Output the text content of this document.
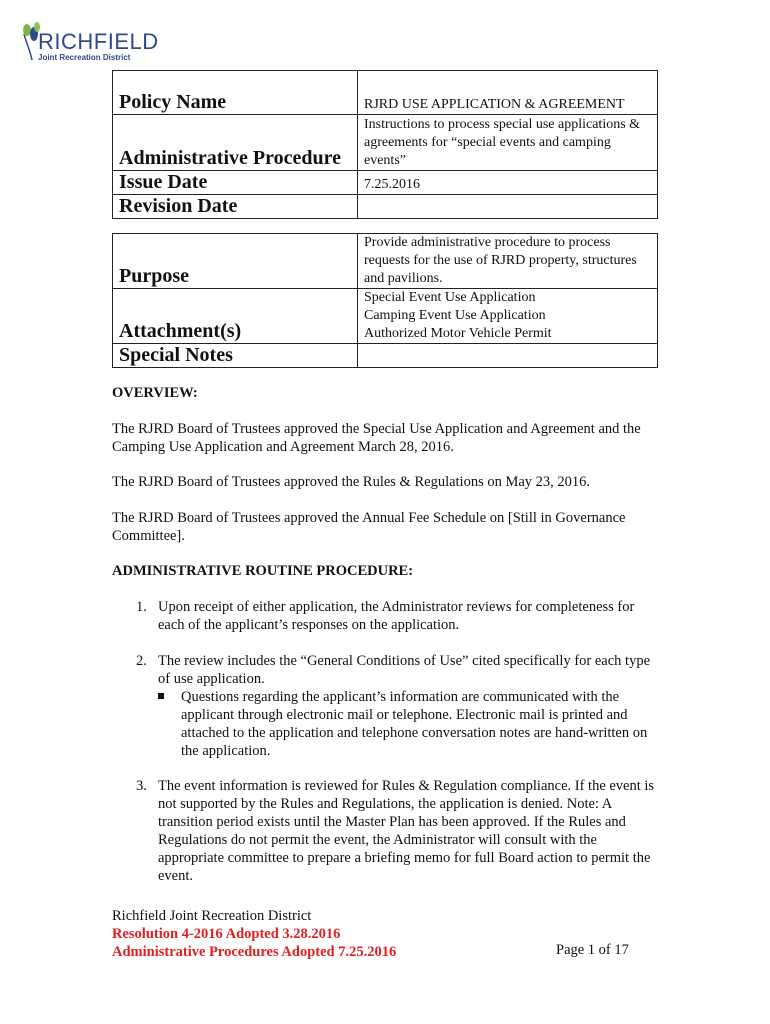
RICHFIELD
Joint Recreation District
Policy Name	RJRD USE APPLICATION & AGREEMENT
Administrative Procedure	Instructions to process special use applications & agreements for “special events and camping events”
Issue Date	7.25.2016
Revision Date	
Purpose	Provide administrative procedure to process requests for the use of RJRD property, structures and pavilions.
Attachment(s)	Special Event Use Application
Camping Event Use Application
Authorized Motor Vehicle Permit

Special Notes	
OVERVIEW:
The RJRD Board of Trustees approved the Special Use Application and Agreement and the Camping Use Application and Agreement March 28, 2016.
The RJRD Board of Trustees approved the Rules & Regulations on May 23, 2016.
The RJRD Board of Trustees approved the Annual Fee Schedule on [Still in Governance Committee].
ADMINISTRATIVE ROUTINE PROCEDURE:
1. Upon receipt of either application, the Administrator reviews for completeness for each of the applicant’s responses on the application.
2. The review includes the “General Conditions of Use” cited specifically for each type of use application.
Questions regarding the applicant’s information are communicated with the applicant through electronic mail or telephone. Electronic mail is printed and attached to the application and telephone conversation notes are hand-written on the application.
3. The event information is reviewed for Rules & Regulation compliance. If the event is not supported by the Rules and Regulations, the application is denied. Note: A transition period exists until the Master Plan has been approved. If the Rules and Regulations do not permit the event, the Administrator will consult with the appropriate committee to prepare a briefing memo for full Board action to permit the event.
Richfield Joint Recreation District
Resolution 4-2016 Adopted 3.28.2016
Administrative Procedures Adopted 7.25.2016	Page 1 of 17
